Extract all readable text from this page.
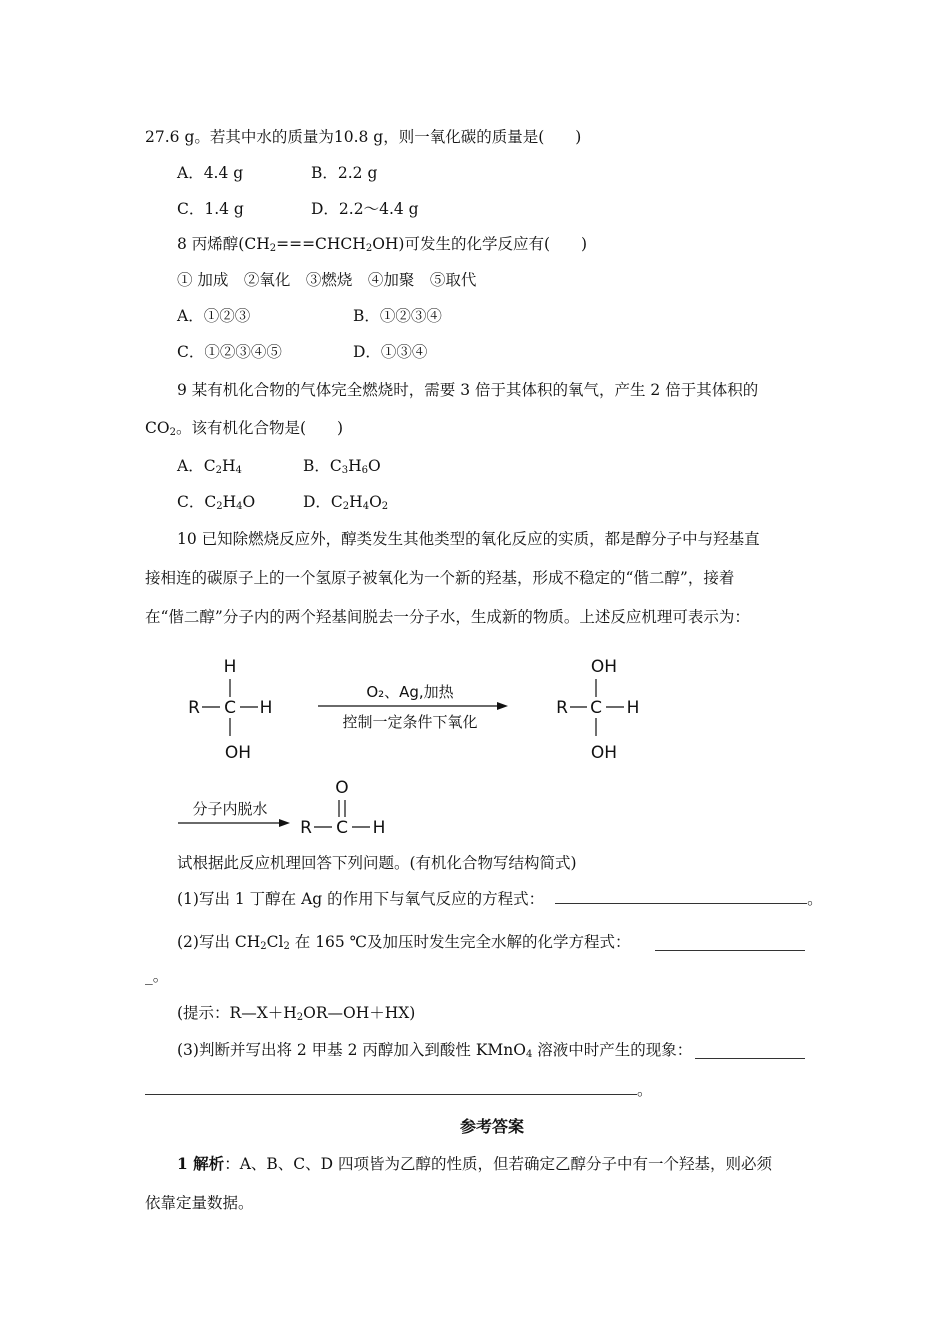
27.6 g。若其中水的质量为10.8 g，则一氧化碳的质量是(　　)
A．4.4 g	B．2.2 g
C．1.4 g	D．2.2～4.4 g
8 丙烯醇$(CH_2===CHCH_2OH)$可发生的化学反应有(　　)
① 加成　②氧化　③燃烧　④加聚　⑤取代
A．①②③	B．①②③④
C．①②③④⑤	D．①③④
9 某有机化合物的气体完全燃烧时，需要 3 倍于其体积的氧气，产生 2 倍于其体积的
$CO_2$。该有机化合物是(　　)
A．$C_2H_4$	B．$C_3H_6O$
C．$C_2H_4O$	D．$C_2H_4O_2$
10 已知除燃烧反应外，醇类发生其他类型的氧化反应的实质，都是醇分子中与羟基直
接相连的碳原子上的一个氢原子被氧化为一个新的羟基，形成不稳定的“偕二醇”，接着
在“偕二醇”分子内的两个羟基间脱去一分子水，生成新的物质。上述反应机理可表示为：
H
R C H
OH
O₂、Ag,加热
控制一定条件下氧化
OH
R C H
OH
分子内脱水
O
R C H
试根据此反应机理回答下列问题。(有机化合物写结构简式)
(1)写出 1 丁醇在 Ag 的作用下与氧气反应的方程式：	。
(2)写出 $CH_2Cl_2$ 在 165 ℃及加压时发生完全水解的化学方程式：
_。
(提示：$R—X+H_2OR—OH+HX$)
(3)判断并写出将 2 甲基 2 丙醇加入到酸性 KMnO$_4$ 溶液中时产生的现象：
。
参考答案
1 解析：A、B、C、D 四项皆为乙醇的性质，但若确定乙醇分子中有一个羟基，则必须
依靠定量数据。
